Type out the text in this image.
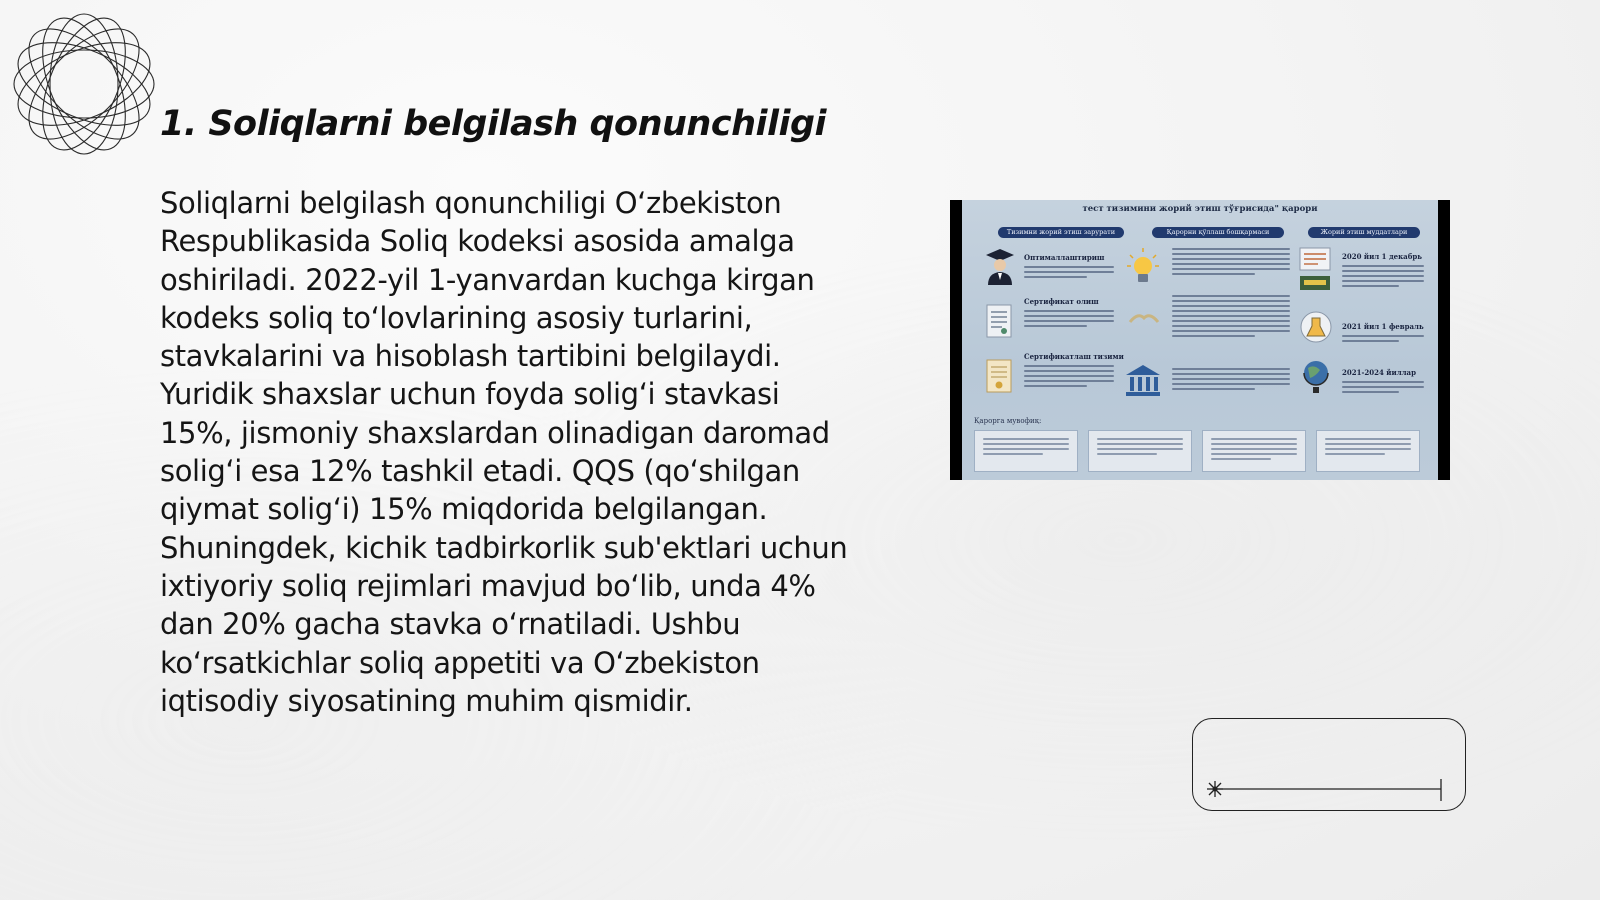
1. Soliqlarni belgilash qonunchiligi

Soliqlarni belgilash qonunchiligi O‘zbekiston Respublikasida Soliq kodeksi asosida amalga oshiriladi. 2022-yil 1-yanvardan kuchga kirgan kodeks soliq to‘lovlarining asosiy turlarini, stavkalarini va hisoblash tartibini belgilaydi. Yuridik shaxslar uchun foyda solig‘i stavkasi 15%, jismoniy shaxslardan olinadigan daromad solig‘i esa 12% tashkil etadi. QQS (qo‘shilgan qiymat solig‘i) 15% miqdorida belgilangan. Shuningdek, kichik tadbirkorlik sub'ektlari uchun ixtiyoriy soliq rejimlari mavjud bo‘lib, unda 4% dan 20% gacha stavka o‘rnatiladi. Ushbu ko‘rsatkichlar soliq appetiti va O‘zbekiston iqtisodiy siyosatining muhim qismidir.

тест тизимини жорий этиш тўғрисида" қарори
Тизимни жорий этиш зарурати	Қарорни қўллаш бошқармаси	Жорий этиш муддатлари
Оптималлаштириш
Сертификат олиш
Сертификатлаш тизими
2020 йил 1 декабрь
2021 йил 1 февраль
2021-2024 йиллар
Қарорга мувофиқ:
